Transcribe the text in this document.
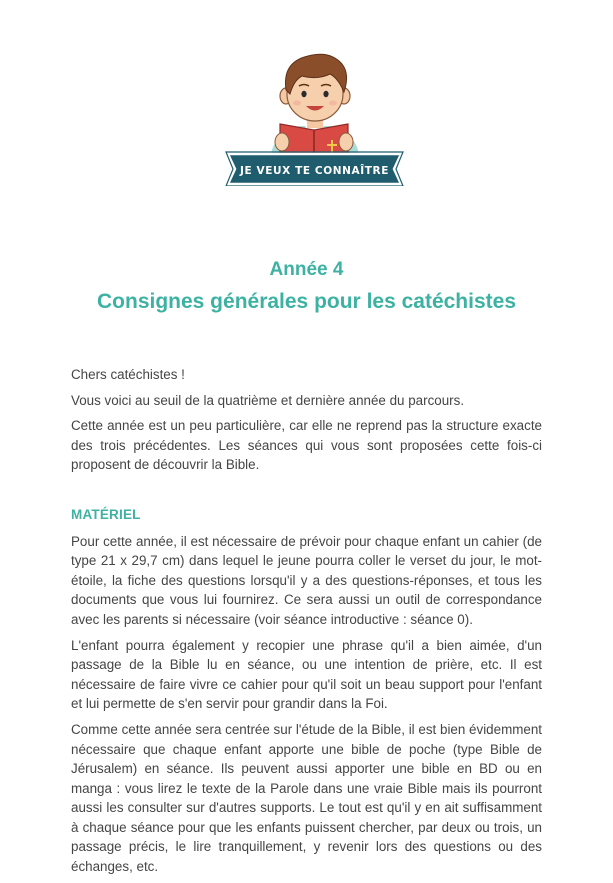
JE VEUX TE CONNAÎTRE
Année 4
Consignes générales pour les catéchistes

Chers catéchistes !

Vous voici au seuil de la quatrième et dernière année du parcours.

Cette année est un peu particulière, car elle ne reprend pas la structure exacte des trois précédentes. Les séances qui vous sont proposées cette fois-ci proposent de découvrir la Bible.

MATÉRIEL

Pour cette année, il est nécessaire de prévoir pour chaque enfant un cahier (de type 21 x 29,7 cm) dans lequel le jeune pourra coller le verset du jour, le mot-étoile, la fiche des questions lorsqu'il y a des questions-réponses, et tous les documents que vous lui fournirez. Ce sera aussi un outil de correspondance avec les parents si nécessaire (voir séance introductive : séance 0).

L'enfant pourra également y recopier une phrase qu'il a bien aimée, d'un passage de la Bible lu en séance, ou une intention de prière, etc. Il est nécessaire de faire vivre ce cahier pour qu'il soit un beau support pour l'enfant et lui permette de s'en servir pour grandir dans la Foi.

Comme cette année sera centrée sur l'étude de la Bible, il est bien évidemment nécessaire que chaque enfant apporte une bible de poche (type Bible de Jérusalem) en séance. Ils peuvent aussi apporter une bible en BD ou en manga : vous lirez le texte de la Parole dans une vraie Bible mais ils pourront aussi les consulter sur d'autres supports. Le tout est qu'il y en ait suffisamment à chaque séance pour que les enfants puissent chercher, par deux ou trois, un passage précis, le lire tranquillement, y revenir lors des questions ou des échanges, etc.
